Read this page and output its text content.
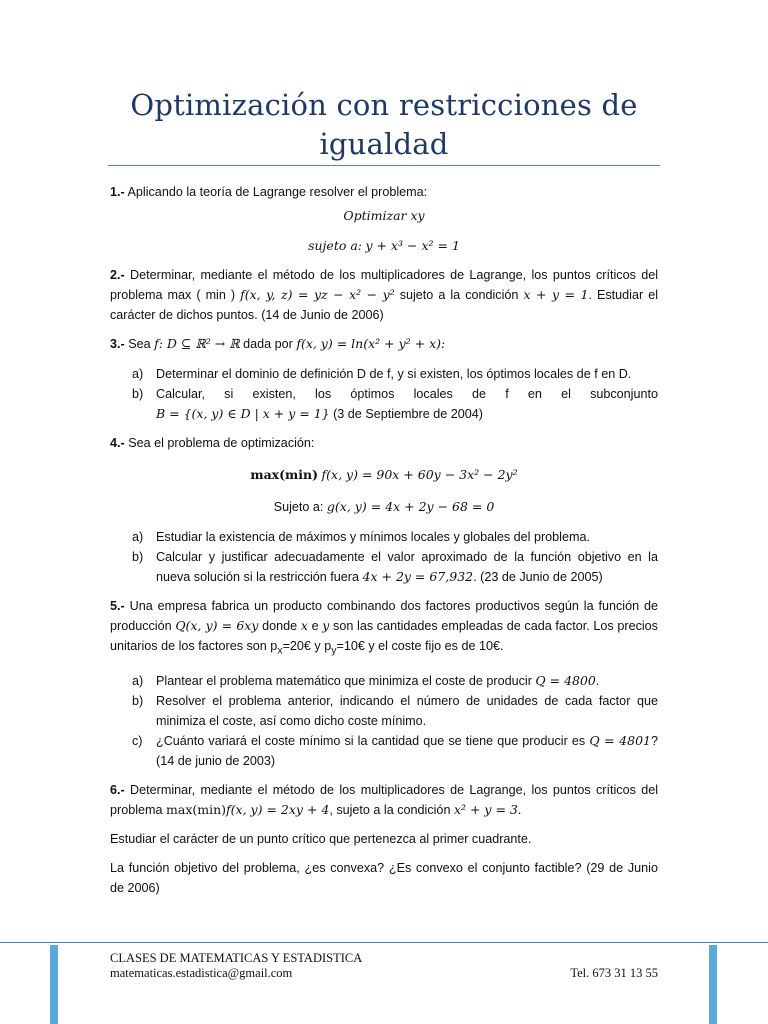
Optimización con restricciones de igualdad

1.- Aplicando la teoría de Lagrange resolver el problema:

Optimizar xy

sujeto a: y + x³ − x² = 1

2.- Determinar, mediante el método de los multiplicadores de Lagrange, los puntos críticos del problema max ( min ) f(x, y, z) = yz − x² − y² sujeto a la condición x + y = 1. Estudiar el carácter de dichos puntos. (14 de Junio de 2006)

3.- Sea f: D ⊆ ℝ² → ℝ dada por f(x, y) = ln(x² + y² + x):

a) Determinar el dominio de definición D de f, y si existen, los óptimos locales de f en D.
b) Calcular, si existen, los óptimos locales de f en el subconjunto B = {(x, y) ∈ D | x + y = 1} (3 de Septiembre de 2004)

4.- Sea el problema de optimización:

max(min) f(x, y) = 90x + 60y − 3x² − 2y²

Sujeto a: g(x, y) = 4x + 2y − 68 = 0

a) Estudiar la existencia de máximos y mínimos locales y globales del problema.
b) Calcular y justificar adecuadamente el valor aproximado de la función objetivo en la nueva solución si la restricción fuera 4x + 2y = 67,932. (23 de Junio de 2005)

5.- Una empresa fabrica un producto combinando dos factores productivos según la función de producción Q(x, y) = 6xy donde x e y son las cantidades empleadas de cada factor. Los precios unitarios de los factores son $p_x=20€$ y $p_y=10€$ y el coste fijo es de 10€.

a) Plantear el problema matemático que minimiza el coste de producir Q = 4800.
b) Resolver el problema anterior, indicando el número de unidades de cada factor que minimiza el coste, así como dicho coste mínimo.
c) ¿Cuánto variará el coste mínimo si la cantidad que se tiene que producir es Q = 4801? (14 de junio de 2003)

6.- Determinar, mediante el método de los multiplicadores de Lagrange, los puntos críticos del problema max(min)f(x, y) = 2xy + 4, sujeto a la condición x² + y = 3.

Estudiar el carácter de un punto crítico que pertenezca al primer cuadrante.

La función objetivo del problema, ¿es convexa? ¿Es convexo el conjunto factible? (29 de Junio de 2006)

CLASES DE MATEMATICAS Y ESTADISTICA
matematicas.estadistica@gmail.com	Tel. 673 31 13 55
